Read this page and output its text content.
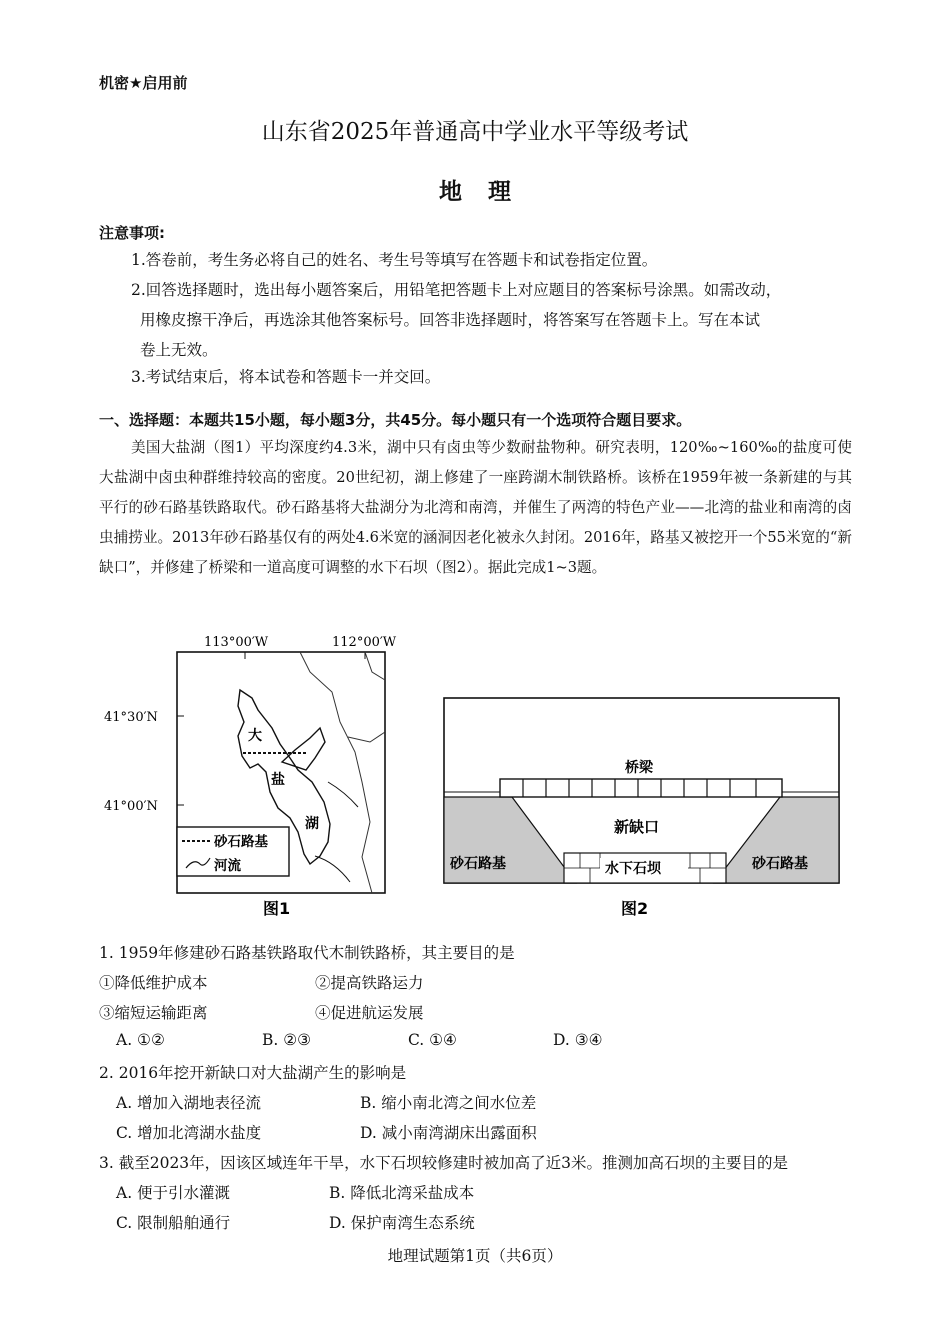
机密★启用前
山东省2025年普通高中学业水平等级考试
地理
注意事项:
1.答卷前，考生务必将自己的姓名、考生号等填写在答题卡和试卷指定位置。
2.回答选择题时，选出每小题答案后，用铅笔把答题卡上对应题目的答案标号涂黑。如需改动，
用橡皮擦干净后，再选涂其他答案标号。回答非选择题时，将答案写在答题卡上。写在本试
卷上无效。
3.考试结束后，将本试卷和答题卡一并交回。
一、选择题：本题共15小题，每小题3分，共45分。每小题只有一个选项符合题目要求。
美国大盐湖（图1）平均深度约4.3米，湖中只有卤虫等少数耐盐物种。研究表明，120‰~160‰的盐度可使大盐湖中卤虫种群维持较高的密度。20世纪初，湖上修建了一座跨湖木制铁路桥。该桥在1959年被一条新建的与其平行的砂石路基铁路取代。砂石路基将大盐湖分为北湾和南湾，并催生了两湾的特色产业——北湾的盐业和南湾的卤虫捕捞业。2013年砂石路基仅有的两处4.6米宽的涵洞因老化被永久封闭。2016年，路基又被挖开一个55米宽的“新缺口”，并修建了桥梁和一道高度可调整的水下石坝（图2）。据此完成1~3题。
113°00′W	112°00′W
41°30′N
41°00′N
大
盐
湖
砂石路基
河流
图1
桥梁
新缺口
水下石坝
砂石路基	砂石路基
图2
1. 1959年修建砂石路基铁路取代木制铁路桥，其主要目的是
①降低维护成本	②提高铁路运力
③缩短运输距离	④促进航运发展
A. ①②	B. ②③	C. ①④	D. ③④
2. 2016年挖开新缺口对大盐湖产生的影响是
A. 增加入湖地表径流	B. 缩小南北湾之间水位差
C. 增加北湾湖水盐度	D. 减小南湾湖床出露面积
3. 截至2023年，因该区域连年干旱，水下石坝较修建时被加高了近3米。推测加高石坝的主要目的是
A. 便于引水灌溉	B. 降低北湾采盐成本
C. 限制船舶通行	D. 保护南湾生态系统
地理试题第1页（共6页）
